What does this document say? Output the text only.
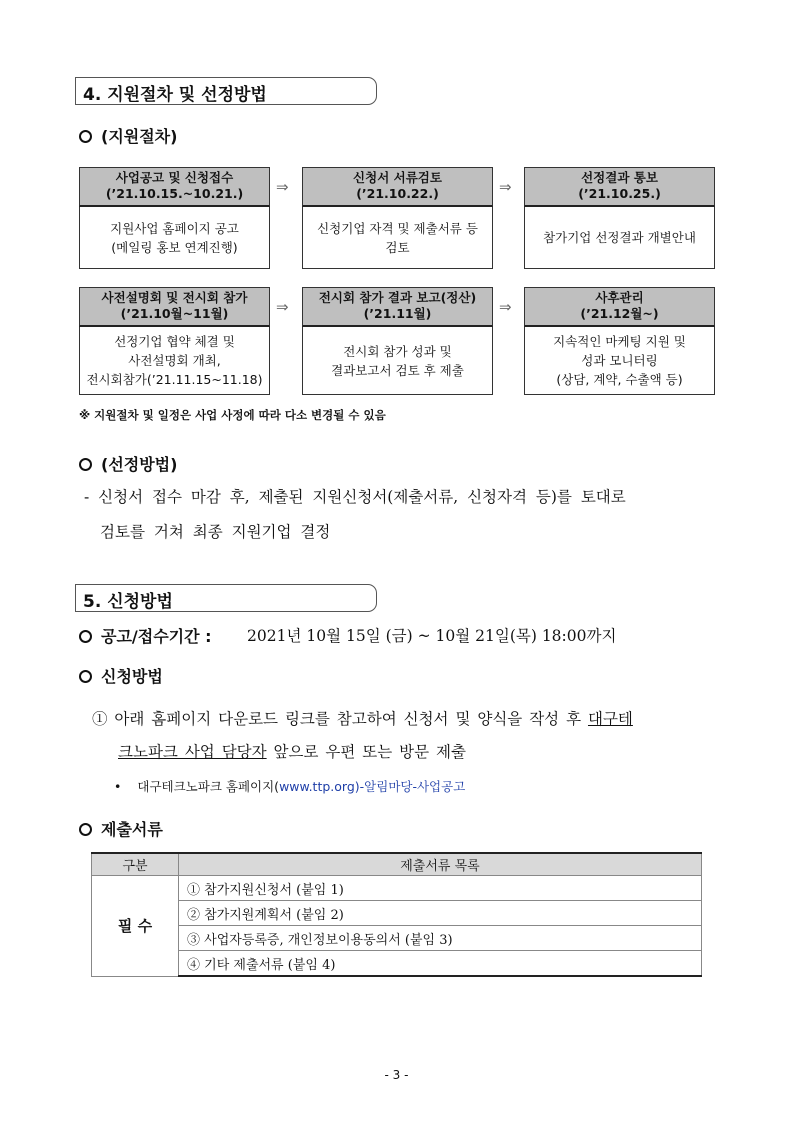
4. 지원절차 및 선정방법
(지원절차)
사업공고 및 신청접수
(’21.10.15.~10.21.)
지원사업 홈페이지 공고
(메일링 홍보 연계진행)
⇒
신청서 서류검토
(’21.10.22.)
신청기업 자격 및 제출서류 등
검토
⇒
선정결과 통보
(’21.10.25.)
참가기업 선정결과 개별안내
사전설명회 및 전시회 참가
(’21.10월~11월)
선정기업 협약 체결 및
사전설명회 개최,
전시회참가(’21.11.15~11.18)
⇒
전시회 참가 결과 보고(정산)
(’21.11월)
전시회 참가 성과 및
결과보고서 검토 후 제출
⇒
사후관리
(’21.12월~)
지속적인 마케팅 지원 및
성과 모니터링
(상담, 계약, 수출액 등)
※ 지원절차 및 일정은 사업 사정에 따라 다소 변경될 수 있음
(선정방법)
- 신청서 접수 마감 후, 제출된 지원신청서(제출서류, 신청자격 등)를 토대로
검토를 거쳐 최종 지원기업 결정
5. 신청방법
공고/접수기간 : 2021년 10월 15일 (금) ~ 10월 21일(목) 18:00까지
신청방법
① 아래 홈페이지 다운로드 링크를 참고하여 신청서 및 양식을 작성 후 대구테
크노파크 사업 담당자 앞으로 우편 또는 방문 제출
• 대구테크노파크 홈페이지(www.ttp.org)-알림마당-사업공고
제출서류
구분	제출서류 목록
필 수	① 참가지원신청서 (붙임 1)
	② 참가지원계획서 (붙임 2)
	③ 사업자등록증, 개인정보이용동의서 (붙임 3)
	④ 기타 제출서류 (붙임 4)
- 3 -
